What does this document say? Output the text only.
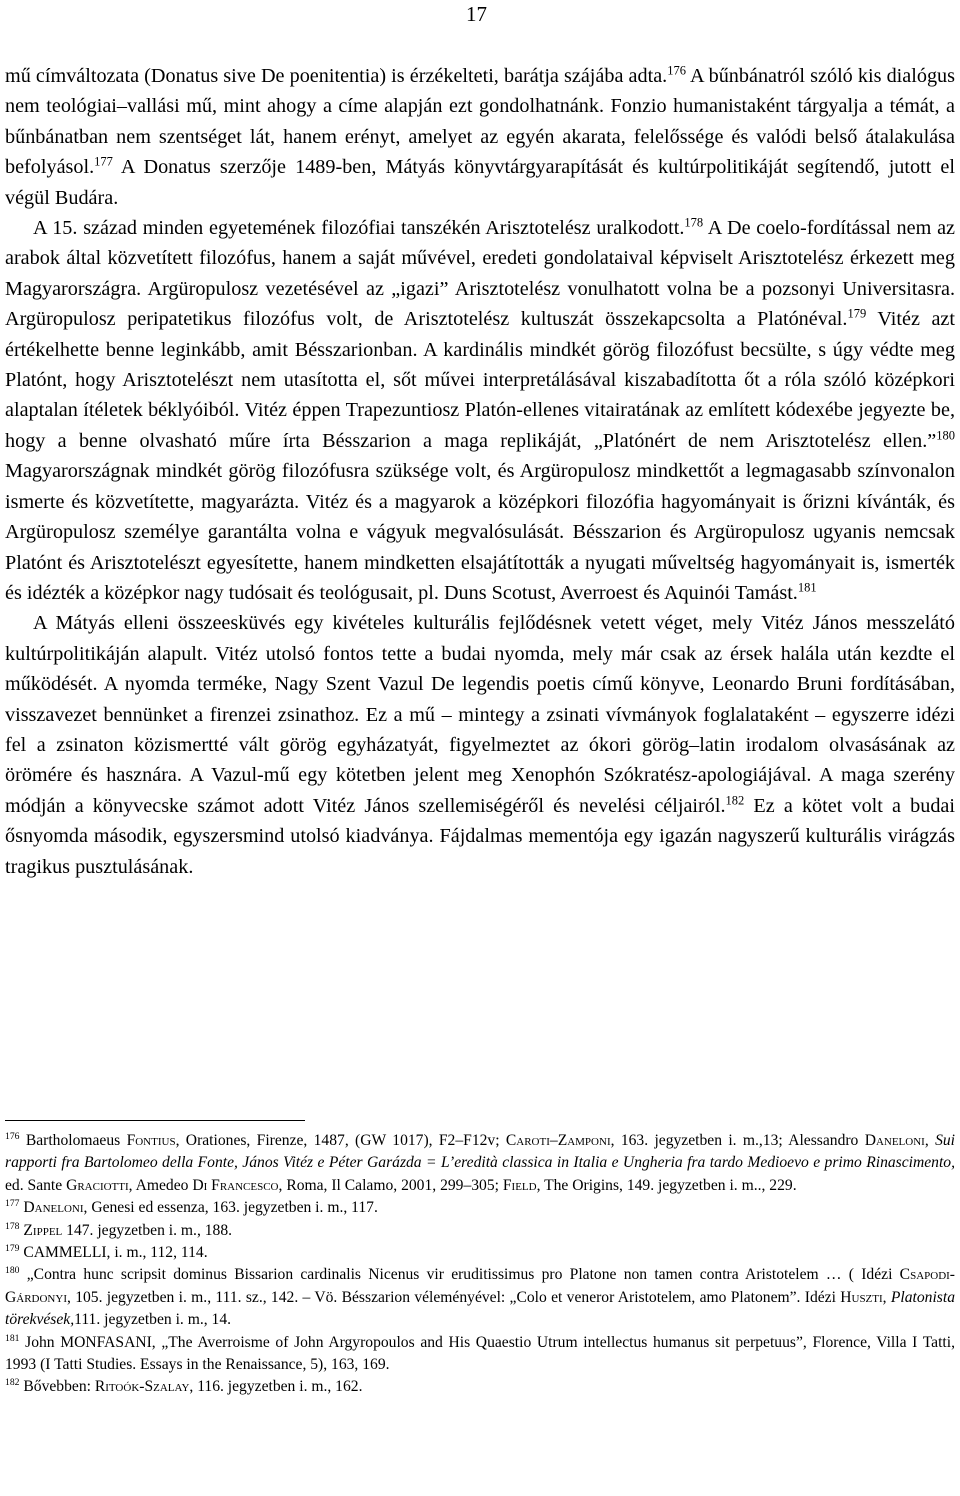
17

mű címváltozata (Donatus sive De poenitentia) is érzékelteti, barátja szájába adta.$^{176}$ A bűnbánatról szóló kis dialógus nem teológiai–vallási mű, mint ahogy a címe alapján ezt gondolhatnánk. Fonzio humanistaként tárgyalja a témát, a bűnbánatban nem szentséget lát, hanem erényt, amelyet az egyén akarata, felelőssége és valódi belső átalakulása befolyásol.$^{177}$ A Donatus szerzője 1489-ben, Mátyás könyvtárgyarapítását és kultúrpolitikáját segítendő, jutott el végül Budára.

A 15. század minden egyetemének filozófiai tanszékén Arisztotelész uralkodott.$^{178}$ A De coelo-fordítással nem az arabok által közvetített filozófus, hanem a saját művével, eredeti gondolataival képviselt Arisztotelész érkezett meg Magyarországra. Argüropulosz vezetésével az „igazi” Arisztotelész vonulhatott volna be a pozsonyi Universitasra. Argüropulosz peripatetikus filozófus volt, de Arisztotelész kultuszát összekapcsolta a Platónéval.$^{179}$ Vitéz azt értékelhette benne leginkább, amit Bésszarionban. A kardinális mindkét görög filozófust becsülte, s úgy védte meg Platónt, hogy Arisztotelészt nem utasította el, sőt művei interpretálásával kiszabadította őt a róla szóló középkori alaptalan ítéletek béklyóiból. Vitéz éppen Trapezuntiosz Platón-ellenes vitairatának az említett kódexébe jegyezte be, hogy a benne olvasható műre írta Bésszarion a maga replikáját, „Platónért de nem Arisztotelész ellen.”$^{180}$ Magyarországnak mindkét görög filozófusra szüksége volt, és Argüropulosz mindkettőt a legmagasabb színvonalon ismerte és közvetítette, magyarázta. Vitéz és a magyarok a középkori filozófia hagyományait is őrizni kívánták, és Argüropulosz személye garantálta volna e vágyuk megvalósulását. Bésszarion és Argüropulosz ugyanis nemcsak Platónt és Arisztotelészt egyesítette, hanem mindketten elsajátították a nyugati műveltség hagyományait is, ismerték és idézték a középkor nagy tudósait és teológusait, pl. Duns Scotust, Averroest és Aquinói Tamást.$^{181}$

A Mátyás elleni összeesküvés egy kivételes kulturális fejlődésnek vetett véget, mely Vitéz János messzelátó kultúrpolitikáján alapult. Vitéz utolsó fontos tette a budai nyomda, mely már csak az érsek halála után kezdte el működését. A nyomda terméke, Nagy Szent Vazul De legendis poetis című könyve, Leonardo Bruni fordításában, visszavezet bennünket a firenzei zsinathoz. Ez a mű – mintegy a zsinati vívmányok foglalataként – egyszerre idézi fel a zsinaton közismertté vált görög egyházatyát, figyelmeztet az ókori görög–latin irodalom olvasásának az örömére és hasznára. A Vazul-mű egy kötetben jelent meg Xenophón Szókratész-apologiájával. A maga szerény módján a könyvecske számot adott Vitéz János szellemiségéről és nevelési céljairól.$^{182}$ Ez a kötet volt a budai ősnyomda második, egyszersmind utolsó kiadványa. Fájdalmas mementója egy igazán nagyszerű kulturális virágzás tragikus pusztulásának.

$^{176}$ Bartholomaeus Fontius, Orationes, Firenze, 1487, (GW 1017), F2–F12v; Caroti–Zamponi, 163. jegyzetben i. m.,13; Alessandro Daneloni, Sui rapporti fra Bartolomeo della Fonte, János Vitéz e Péter Garázda = L’eredità classica in Italia e Ungheria fra tardo Medioevo e primo Rinascimento, ed. Sante Graciotti, Amedeo Di Francesco, Roma, Il Calamo, 2001, 299–305; Field, The Origins, 149. jegyzetben i. m.., 229.

$^{177}$ Daneloni, Genesi ed essenza, 163. jegyzetben i. m., 117.

$^{178}$ Zippel 147. jegyzetben i. m., 188.

$^{179}$ CAMMELLI, i. m., 112, 114.

$^{180}$ „Contra hunc scripsit dominus Bissarion cardinalis Nicenus vir eruditissimus pro Platone non tamen contra Aristotelem … ( Idézi Csapodi-Gárdonyi, 105. jegyzetben i. m., 111. sz., 142. – Vö. Bésszarion véleményével: „Colo et veneror Aristotelem, amo Platonem”. Idézi Huszti, Platonista törekvések,111. jegyzetben i. m., 14.

$^{181}$ John MONFASANI, „The Averroisme of John Argyropoulos and His Quaestio Utrum intellectus humanus sit perpetuus”, Florence, Villa I Tatti, 1993 (I Tatti Studies. Essays in the Renaissance, 5), 163, 169.

$^{182}$ Bővebben: Ritoók-Szalay, 116. jegyzetben i. m., 162.
